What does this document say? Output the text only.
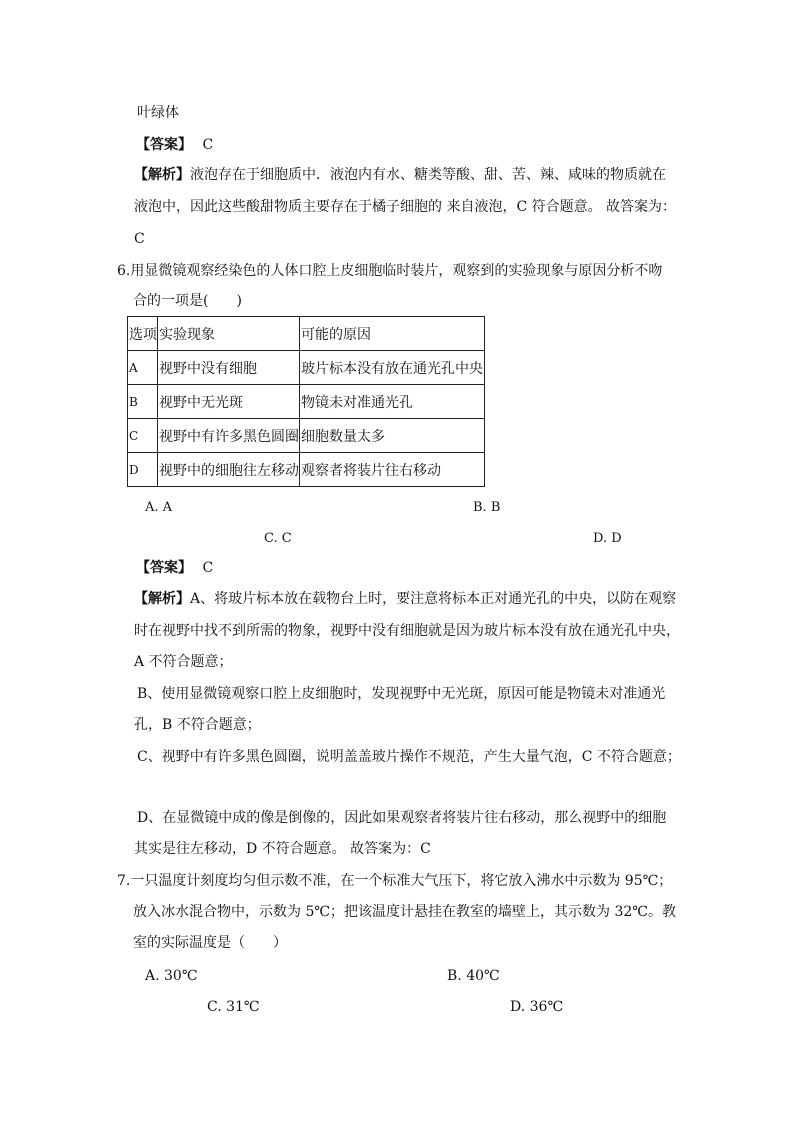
叶绿体
【答案】 C
【解析】液泡存在于细胞质中．液泡内有水、糖类等酸、甜、苦、辣、咸味的物质就在
液泡中，因此这些酸甜物质主要存在于橘子细胞的 来自液泡，C 符合题意。 故答案为：
C
6.用显微镜观察经染色的人体口腔上皮细胞临时装片，观察到的实验现象与原因分析不吻
合的一项是(　　)
选项	实验现象	可能的原因
A	视野中没有细胞	玻片标本没有放在通光孔中央
B	视野中无光斑	物镜未对准通光孔
C	视野中有许多黑色圆圈	细胞数量太多
D	视野中的细胞往左移动	观察者将装片往右移动
A. A	B. B
C. C	D. D
【答案】 C
【解析】A、将玻片标本放在载物台上时，要注意将标本正对通光孔的中央，以防在观察
时在视野中找不到所需的物象，视野中没有细胞就是因为玻片标本没有放在通光孔中央，
A 不符合题意；
B、使用显微镜观察口腔上皮细胞时，发现视野中无光斑，原因可能是物镜未对准通光
孔，B 不符合题意；
C、视野中有许多黑色圆圈，说明盖盖玻片操作不规范，产生大量气泡，C 不符合题意；
D、在显微镜中成的像是倒像的，因此如果观察者将装片往右移动，那么视野中的细胞
其实是往左移动，D 不符合题意。 故答案为：C
7.一只温度计刻度均匀但示数不准，在一个标准大气压下，将它放入沸水中示数为 95℃；
放入冰水混合物中，示数为 5℃；把该温度计悬挂在教室的墙壁上，其示数为 32℃。教
室的实际温度是（　　）
A. 30℃	B. 40℃
C. 31℃	D. 36℃
